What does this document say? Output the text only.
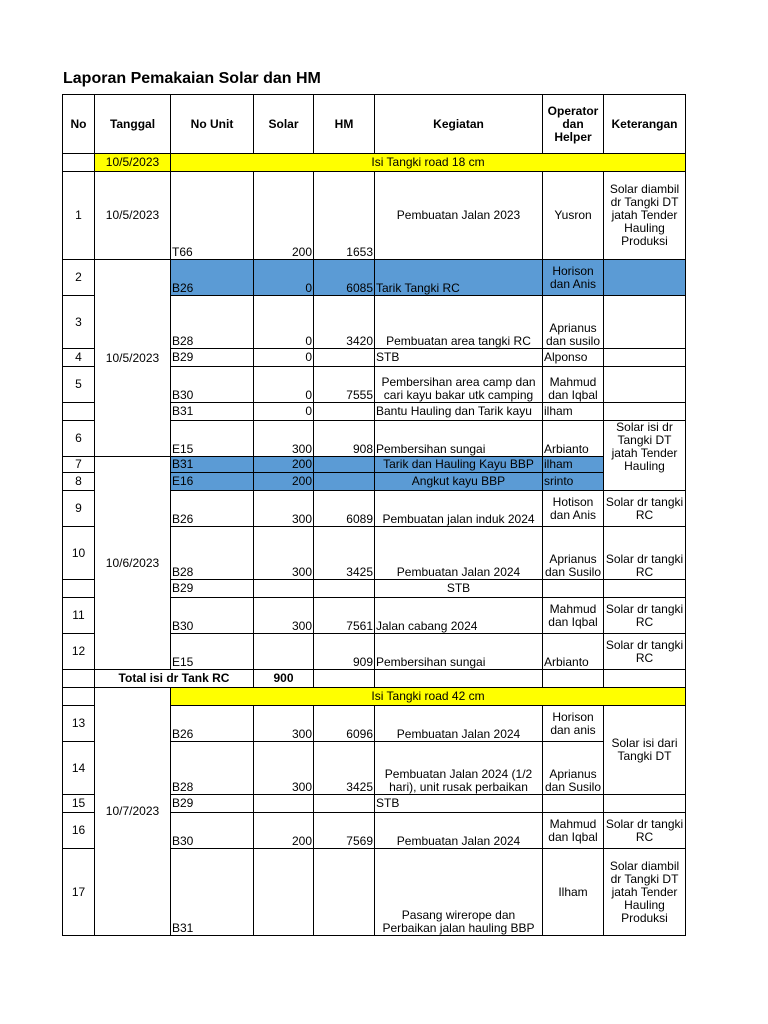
Laporan Pemakaian Solar dan HM
No	Tanggal	No Unit	Solar	HM	Kegiatan	Operator dan Helper	Keterangan
	10/5/2023	Isi Tangki road 18 cm					
1	10/5/2023	T66	200	1653	Pembuatan Jalan 2023	Yusron	Solar diambil dr Tangki DT jatah Tender Hauling Produksi
2	10/5/2023	B26	0	6085	Tarik Tangki RC	Horison dan Anis	
3		B28	0	3420	Pembuatan area tangki RC	Aprianus dan susilo	
4		B29	0		STB	Alponso	
5		B30	0	7555	Pembersihan area camp dan cari kayu bakar utk camping	Mahmud dan Iqbal	
		B31	0		Bantu Hauling dan Tarik kayu	ilham	
6		E15	300	908	Pembersihan sungai	Arbianto	Solar isi dr Tangki DT jatah Tender Hauling
7	10/6/2023	B31	200		Tarik dan Hauling Kayu BBP	ilham	
8		E16	200		Angkut kayu BBP	srinto	
9		B26	300	6089	Pembuatan jalan induk 2024	Hotison dan Anis	Solar dr tangki RC
10		B28	300	3425	Pembuatan Jalan 2024	Aprianus dan Susilo	Solar dr tangki RC
		B29			STB		
11		B30	300	7561	Jalan cabang 2024	Mahmud dan Iqbal	Solar dr tangki RC
12		E15		909	Pembersihan sungai	Arbianto	Solar dr tangki RC
	Total isi dr Tank RC		900				
	10/7/2023	Isi Tangki road 42 cm					
13		B26	300	6096	Pembuatan Jalan 2024	Horison dan anis	Solar isi dari Tangki DT
14		B28	300	3425	Pembuatan Jalan 2024 (1/2 hari), unit rusak perbaikan	Aprianus dan Susilo	
15		B29			STB		
16		B30	200	7569	Pembuatan Jalan 2024	Mahmud dan Iqbal	Solar dr tangki RC
17		B31			Pasang wirerope dan Perbaikan jalan hauling BBP	Ilham	Solar diambil dr Tangki DT jatah Tender Hauling Produksi
